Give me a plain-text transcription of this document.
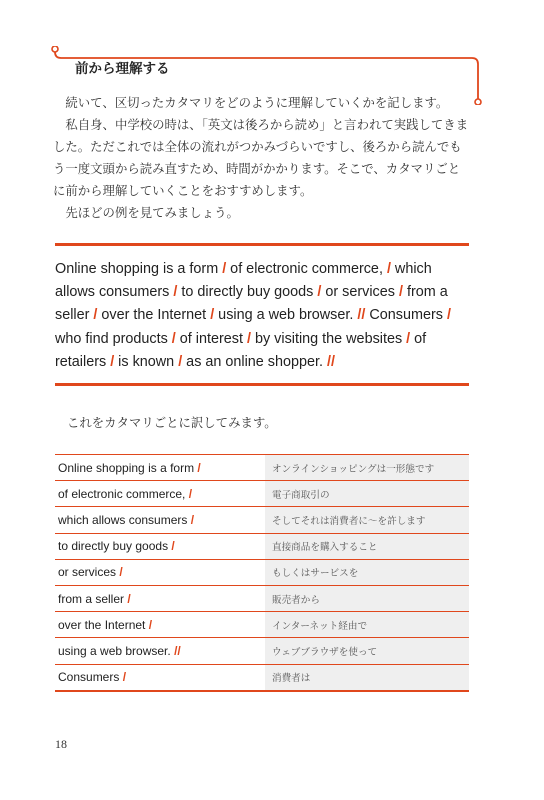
前から理解する

続いて、区切ったカタマリをどのように理解していくかを記します。

私自身、中学校の時は、「英文は後ろから読め」と言われて実践してきま
した。ただこれでは全体の流れがつかみづらいですし、後ろから読んでも
う一度文頭から読み直すため、時間がかかります。そこで、カタマリごと
に前から理解していくことをおすすめします。

先ほどの例を見てみましょう。

Online shopping is a form / of electronic commerce, / which
allows consumers / to directly buy goods / or services / from a
seller / over the Internet / using a web browser. // Consumers /
who find products / of interest / by visiting the websites / of
retailers / is known / as an online shopper. //
これをカタマリごとに訳してみます。
Online shopping is a form /	オンラインショッピングは一形態です
of electronic commerce, /	電子商取引の
which allows consumers /	そしてそれは消費者に〜を許します
to directly buy goods /	直接商品を購入すること
or services /	もしくはサービスを
from a seller /	販売者から
over the Internet /	インターネット経由で
using a web browser. //	ウェブブラウザを使って
Consumers /	消費者は
18
